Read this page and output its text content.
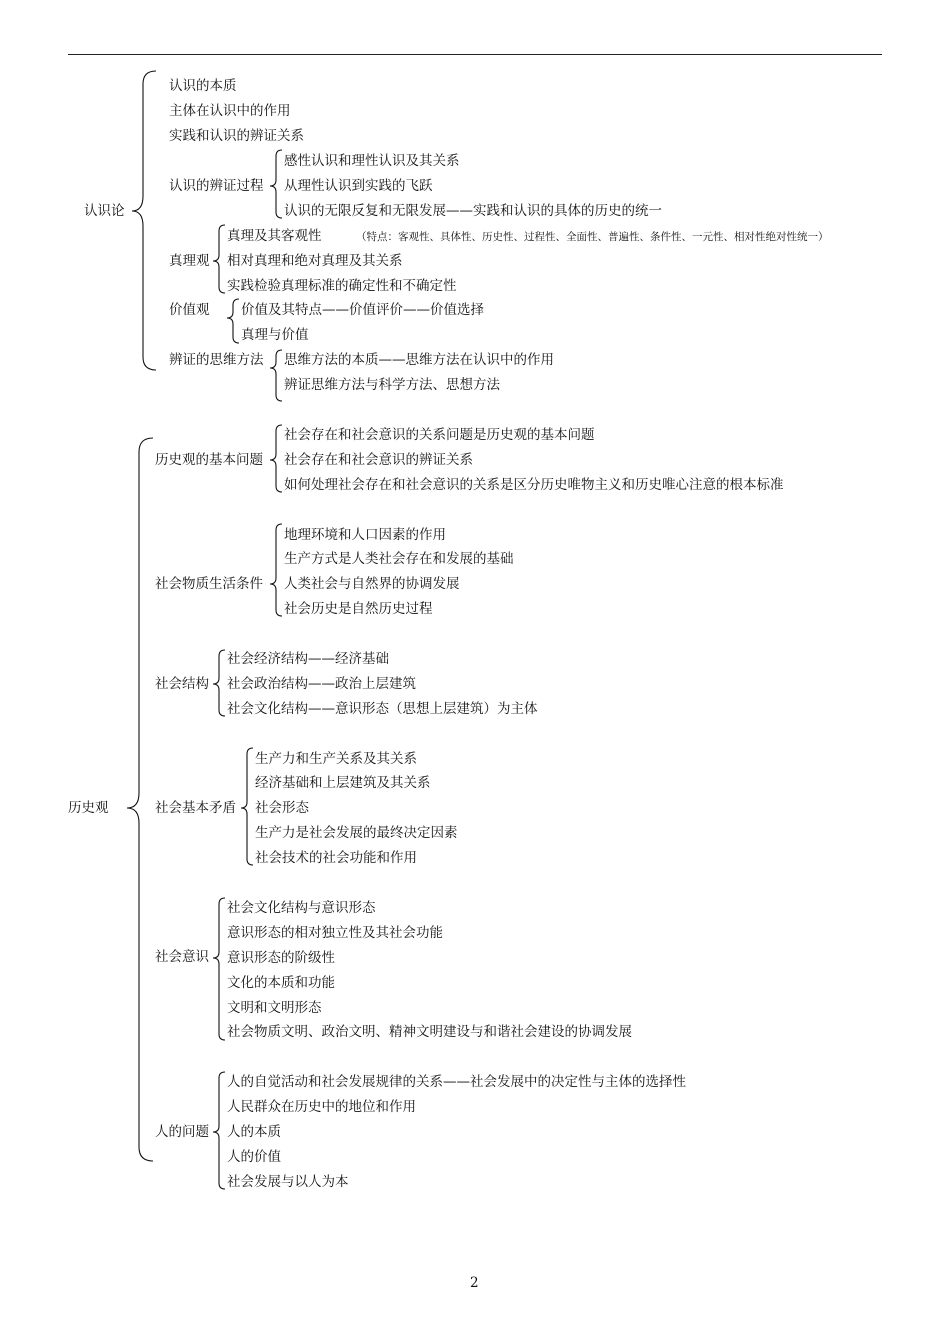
认识论
认识的本质
主体在认识中的作用
实践和认识的辨证关系
认识的辨证过程
感性认识和理性认识及其关系
从理性认识到实践的飞跃
认识的无限反复和无限发展——实践和认识的具体的历史的统一
真理观
真理及其客观性	（特点：客观性、具体性、历史性、过程性、全面性、普遍性、条件性、一元性、相对性绝对性统一）
相对真理和绝对真理及其关系
实践检验真理标准的确定性和不确定性
价值观 价值及其特点——价值评价——价值选择
真理与价值
辨证的思维方法 思维方法的本质——思维方法在认识中的作用
辨证思维方法与科学方法、思想方法
历史观
历史观的基本问题
社会存在和社会意识的关系问题是历史观的基本问题
社会存在和社会意识的辨证关系
如何处理社会存在和社会意识的关系是区分历史唯物主义和历史唯心注意的根本标准
社会物质生活条件
地理环境和人口因素的作用
生产方式是人类社会存在和发展的基础
人类社会与自然界的协调发展
社会历史是自然历史过程
社会结构
社会经济结构——经济基础
社会政治结构——政治上层建筑
社会文化结构——意识形态（思想上层建筑）为主体
社会基本矛盾
生产力和生产关系及其关系
经济基础和上层建筑及其关系
社会形态
生产力是社会发展的最终决定因素
社会技术的社会功能和作用
社会意识
社会文化结构与意识形态
意识形态的相对独立性及其社会功能
意识形态的阶级性
文化的本质和功能
文明和文明形态
社会物质文明、政治文明、精神文明建设与和谐社会建设的协调发展
人的问题
人的自觉活动和社会发展规律的关系——社会发展中的决定性与主体的选择性
人民群众在历史中的地位和作用
人的本质
人的价值
社会发展与以人为本
2
